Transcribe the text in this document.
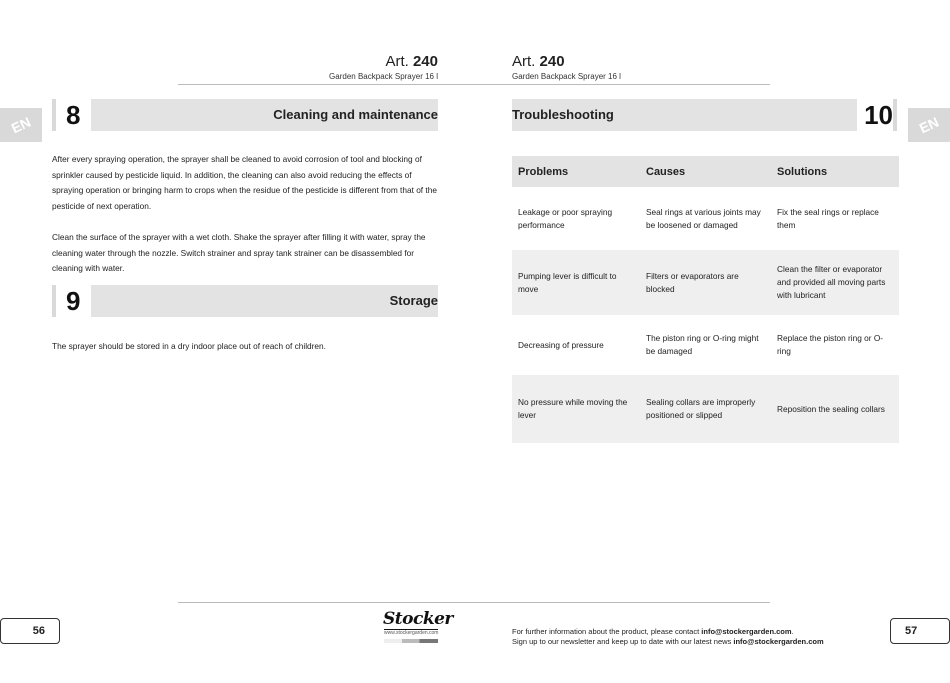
Art. 240
Garden Backpack Sprayer 16 l
Art. 240
Garden Backpack Sprayer 16 l
EN	EN
8	Cleaning and maintenance
After every spraying operation, the sprayer shall be cleaned to avoid corrosion of tool and blocking of sprinkler caused by pesticide liquid. In addition, the cleaning can also avoid reducing the effects of spraying operation or bringing harm to crops when the residue of the pesticide is different from that of the pesticide of next operation.
Clean the surface of the sprayer with a wet cloth. Shake the sprayer after filling it with water, spray the cleaning water through the nozzle. Switch strainer and spray tank strainer can be disassembled for cleaning with water.
9	Storage
The sprayer should be stored in a dry indoor place out of reach of children.
Troubleshooting	10
Problems	Causes	Solutions
Leakage or poor spraying performance	Seal rings at various joints may be loosened or damaged	Fix the seal rings or replace them
Pumping lever is difficult to move	Filters or evaporators are blocked	Clean the filter or evaporator and provided all moving parts with lubricant
Decreasing of pressure	The piston ring or O-ring might be damaged	Replace the piston ring or O-ring
No pressure while moving the lever	Sealing collars are improperly positioned or slipped	Reposition the sealing collars
56	57
Stocker
www.stockergarden.com	For further information about the product, please contact info@stockergarden.com.
Sign up to our newsletter and keep up to date with our latest news info@stockergarden.com
